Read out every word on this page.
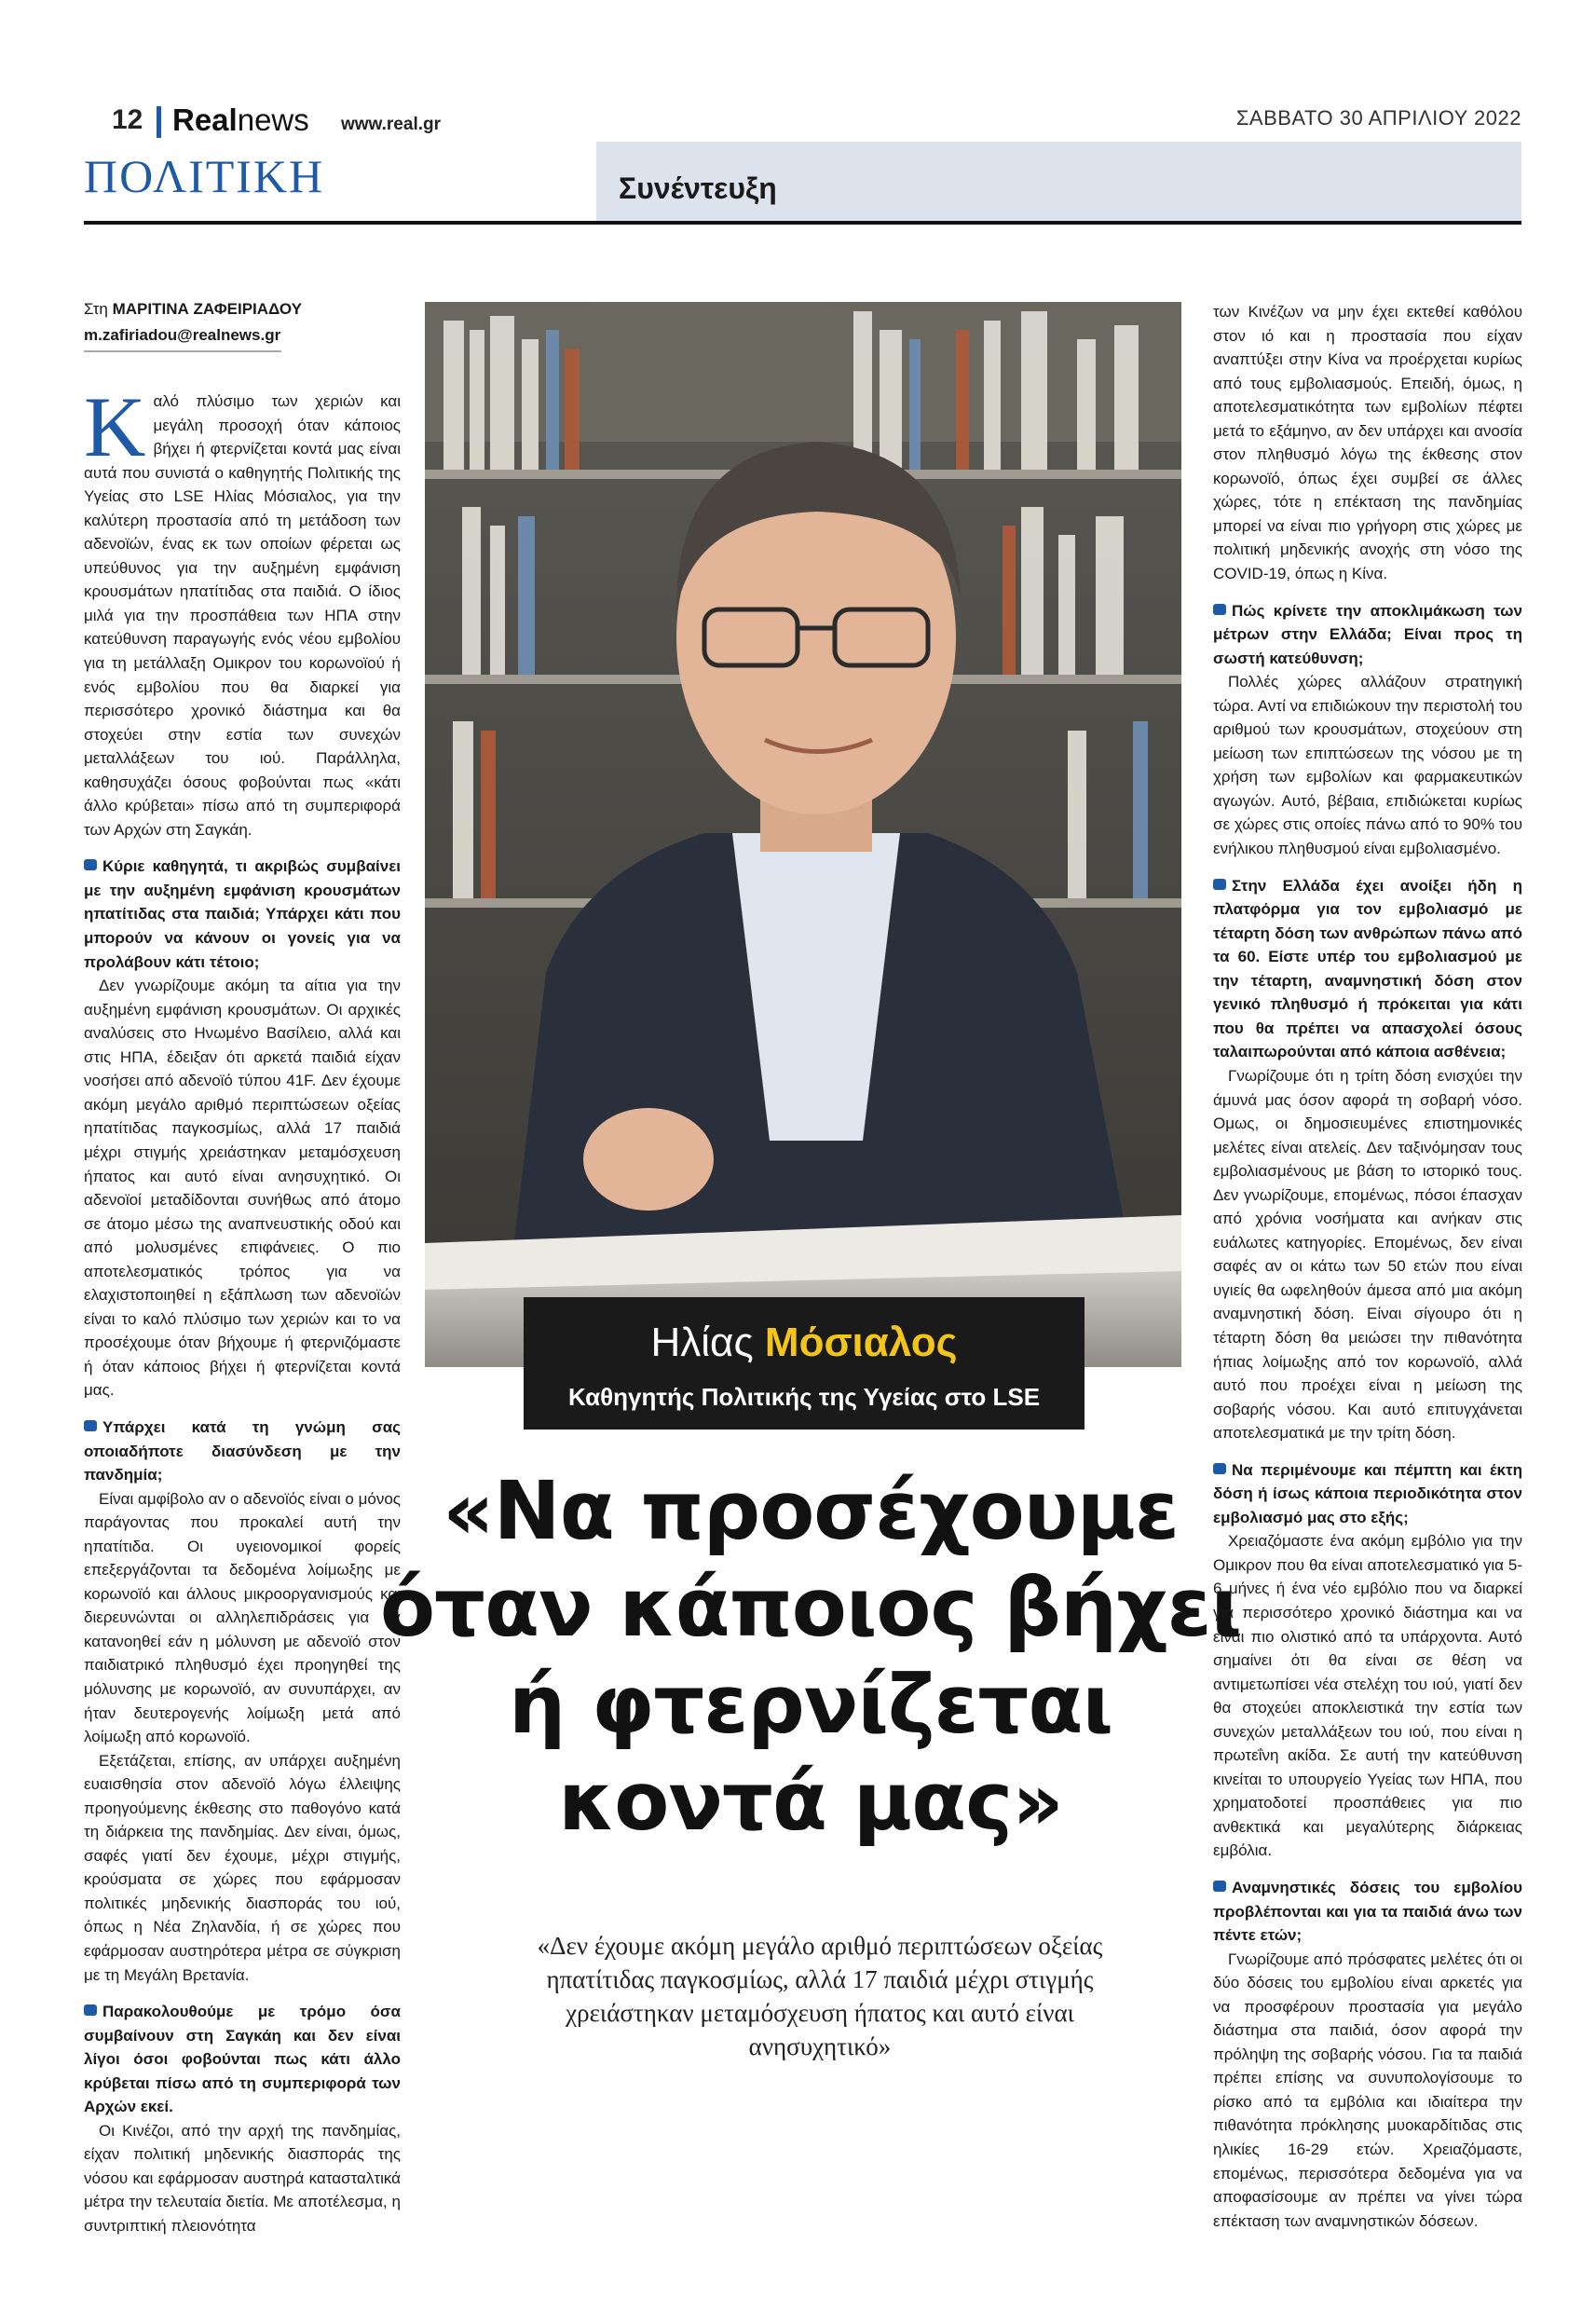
12 Realnews www.real.gr	ΣΑΒΒΑΤΟ 30 ΑΠΡΙΛΙΟΥ 2022
ΠΟΛΙΤΙΚΗ	Συνέντευξη
Στη ΜΑΡΙΤΙΝΑ ΖΑΦΕΙΡΙΑΔΟΥ
m.zafiriadou@realnews.gr

Καλό πλύσιμο των χεριών και μεγάλη προσοχή όταν κάποιος βήχει ή φτερνίζεται κοντά μας είναι αυτά που συνιστά ο καθηγητής Πολιτικής της Υγείας στο LSE Ηλίας Μόσιαλος, για την καλύτερη προστασία από τη μετάδοση των αδενοϊών, ένας εκ των οποίων φέρεται ως υπεύθυνος για την αυξημένη εμφάνιση κρουσμάτων ηπατίτιδας στα παιδιά. Ο ίδιος μιλά για την προσπάθεια των ΗΠΑ στην κατεύθυνση παραγωγής ενός νέου εμβολίου για τη μετάλλαξη Ομικρον του κορωνοϊού ή ενός εμβολίου που θα διαρκεί για περισσότερο χρονικό διάστημα και θα στοχεύει στην εστία των συνεχών μεταλλάξεων του ιού. Παράλληλα, καθησυχάζει όσους φοβούνται πως «κάτι άλλο κρύβεται» πίσω από τη συμπεριφορά των Αρχών στη Σαγκάη.

Κύριε καθηγητά, τι ακριβώς συμβαίνει με την αυξημένη εμφάνιση κρουσμάτων ηπατίτιδας στα παιδιά; Υπάρχει κάτι που μπορούν να κάνουν οι γονείς για να προλάβουν κάτι τέτοιο;

Δεν γνωρίζουμε ακόμη τα αίτια για την αυξημένη εμφάνιση κρουσμάτων. Οι αρχικές αναλύσεις στο Ηνωμένο Βασίλειο, αλλά και στις ΗΠΑ, έδειξαν ότι αρκετά παιδιά είχαν νοσήσει από αδενοϊό τύπου 41F. Δεν έχουμε ακόμη μεγάλο αριθμό περιπτώσεων οξείας ηπατίτιδας παγκοσμίως, αλλά 17 παιδιά μέχρι στιγμής χρειάστηκαν μεταμόσχευση ήπατος και αυτό είναι ανησυχητικό. Οι αδενοϊοί μεταδίδονται συνήθως από άτομο σε άτομο μέσω της αναπνευστικής οδού και από μολυσμένες επιφάνειες. Ο πιο αποτελεσματικός τρόπος για να ελαχιστοποιηθεί η εξάπλωση των αδενοϊών είναι το καλό πλύσιμο των χεριών και το να προσέχουμε όταν βήχουμε ή φτερνιζόμαστε ή όταν κάποιος βήχει ή φτερνίζεται κοντά μας.

Υπάρχει κατά τη γνώμη σας οποιαδήποτε διασύνδεση με την πανδημία;

Είναι αμφίβολο αν ο αδενοϊός είναι ο μόνος παράγοντας που προκαλεί αυτή την ηπατίτιδα. Οι υγειονομικοί φορείς επεξεργάζονται τα δεδομένα λοίμωξης με κορωνοϊό και άλλους μικροοργανισμούς και διερευνώνται οι αλληλεπιδράσεις για να κατανοηθεί εάν η μόλυνση με αδενοϊό στον παιδιατρικό πληθυσμό έχει προηγηθεί της μόλυνσης με κορωνοϊό, αν συνυπάρχει, αν ήταν δευτερογενής λοίμωξη μετά από λοίμωξη από κορωνοϊό.

Εξετάζεται, επίσης, αν υπάρχει αυξημένη ευαισθησία στον αδενοϊό λόγω έλλειψης προηγούμενης έκθεσης στο παθογόνο κατά τη διάρκεια της πανδημίας. Δεν είναι, όμως, σαφές γιατί δεν έχουμε, μέχρι στιγμής, κρούσματα σε χώρες που εφάρμοσαν πολιτικές μηδενικής διασποράς του ιού, όπως η Νέα Ζηλανδία, ή σε χώρες που εφάρμοσαν αυστηρότερα μέτρα σε σύγκριση με τη Μεγάλη Βρετανία.

Παρακολουθούμε με τρόμο όσα συμβαίνουν στη Σαγκάη και δεν είναι λίγοι όσοι φοβούνται πως κάτι άλλο κρύβεται πίσω από τη συμπεριφορά των Αρχών εκεί.

Οι Κινέζοι, από την αρχή της πανδημίας, είχαν πολιτική μηδενικής διασποράς της νόσου και εφάρμοσαν αυστηρά κατασταλτικά μέτρα την τελευταία διετία. Με αποτέλεσμα, η συντριπτική πλειονότητα

Ηλίας Μόσιαλος
Καθηγητής Πολιτικής της Υγείας στο LSE
«Να προσέχουμε όταν κάποιος βήχει ή φτερνίζεται κοντά μας»
«Δεν έχουμε ακόμη μεγάλο αριθμό περιπτώσεων οξείας ηπατίτιδας παγκοσμίως, αλλά 17 παιδιά μέχρι στιγμής χρειάστηκαν μεταμόσχευση ήπατος και αυτό είναι ανησυχητικό»

των Κινέζων να μην έχει εκτεθεί καθόλου στον ιό και η προστασία που είχαν αναπτύξει στην Κίνα να προέρχεται κυρίως από τους εμβολιασμούς. Επειδή, όμως, η αποτελεσματικότητα των εμβολίων πέφτει μετά το εξάμηνο, αν δεν υπάρχει και ανοσία στον πληθυσμό λόγω της έκθεσης στον κορωνοϊό, όπως έχει συμβεί σε άλλες χώρες, τότε η επέκταση της πανδημίας μπορεί να είναι πιο γρήγορη στις χώρες με πολιτική μηδενικής ανοχής στη νόσο της COVID-19, όπως η Κίνα.

Πώς κρίνετε την αποκλιμάκωση των μέτρων στην Ελλάδα; Είναι προς τη σωστή κατεύθυνση;

Πολλές χώρες αλλάζουν στρατηγική τώρα. Αντί να επιδιώκουν την περιστολή του αριθμού των κρουσμάτων, στοχεύουν στη μείωση των επιπτώσεων της νόσου με τη χρήση των εμβολίων και φαρμακευτικών αγωγών. Αυτό, βέβαια, επιδιώκεται κυρίως σε χώρες στις οποίες πάνω από το 90% του ενήλικου πληθυσμού είναι εμβολιασμένο.

Στην Ελλάδα έχει ανοίξει ήδη η πλατφόρμα για τον εμβολιασμό με τέταρτη δόση των ανθρώπων πάνω από τα 60. Είστε υπέρ του εμβολιασμού με την τέταρτη, αναμνηστική δόση στον γενικό πληθυσμό ή πρόκειται για κάτι που θα πρέπει να απασχολεί όσους ταλαιπωρούνται από κάποια ασθένεια;

Γνωρίζουμε ότι η τρίτη δόση ενισχύει την άμυνά μας όσον αφορά τη σοβαρή νόσο. Ομως, οι δημοσιευμένες επιστημονικές μελέτες είναι ατελείς. Δεν ταξινόμησαν τους εμβολιασμένους με βάση το ιστορικό τους. Δεν γνωρίζουμε, επομένως, πόσοι έπασχαν από χρόνια νοσήματα και ανήκαν στις ευάλωτες κατηγορίες. Επομένως, δεν είναι σαφές αν οι κάτω των 50 ετών που είναι υγιείς θα ωφεληθούν άμεσα από μια ακόμη αναμνηστική δόση. Είναι σίγουρο ότι η τέταρτη δόση θα μειώσει την πιθανότητα ήπιας λοίμωξης από τον κορωνοϊό, αλλά αυτό που προέχει είναι η μείωση της σοβαρής νόσου. Και αυτό επιτυγχάνεται αποτελεσματικά με την τρίτη δόση.

Να περιμένουμε και πέμπτη και έκτη δόση ή ίσως κάποια περιοδικότητα στον εμβολιασμό μας στο εξής;

Χρειαζόμαστε ένα ακόμη εμβόλιο για την Ομικρον που θα είναι αποτελεσματικό για 5-6 μήνες ή ένα νέο εμβόλιο που να διαρκεί για περισσότερο χρονικό διάστημα και να είναι πιο ολιστικό από τα υπάρχοντα. Αυτό σημαίνει ότι θα είναι σε θέση να αντιμετωπίσει νέα στελέχη του ιού, γιατί δεν θα στοχεύει αποκλειστικά την εστία των συνεχών μεταλλάξεων του ιού, που είναι η πρωτεΐνη ακίδα. Σε αυτή την κατεύθυνση κινείται το υπουργείο Υγείας των ΗΠΑ, που χρηματοδοτεί προσπάθειες για πιο ανθεκτικά και μεγαλύτερης διάρκειας εμβόλια.

Αναμνηστικές δόσεις του εμβολίου προβλέπονται και για τα παιδιά άνω των πέντε ετών;

Γνωρίζουμε από πρόσφατες μελέτες ότι οι δύο δόσεις του εμβολίου είναι αρκετές για να προσφέρουν προστασία για μεγάλο διάστημα στα παιδιά, όσον αφορά την πρόληψη της σοβαρής νόσου. Για τα παιδιά πρέπει επίσης να συνυπολογίσουμε το ρίσκο από τα εμβόλια και ιδιαίτερα την πιθανότητα πρόκλησης μυοκαρδίτιδας στις ηλικίες 16-29 ετών. Χρειαζόμαστε, επομένως, περισσότερα δεδομένα για να αποφασίσουμε αν πρέπει να γίνει τώρα επέκταση των αναμνηστικών δόσεων.
